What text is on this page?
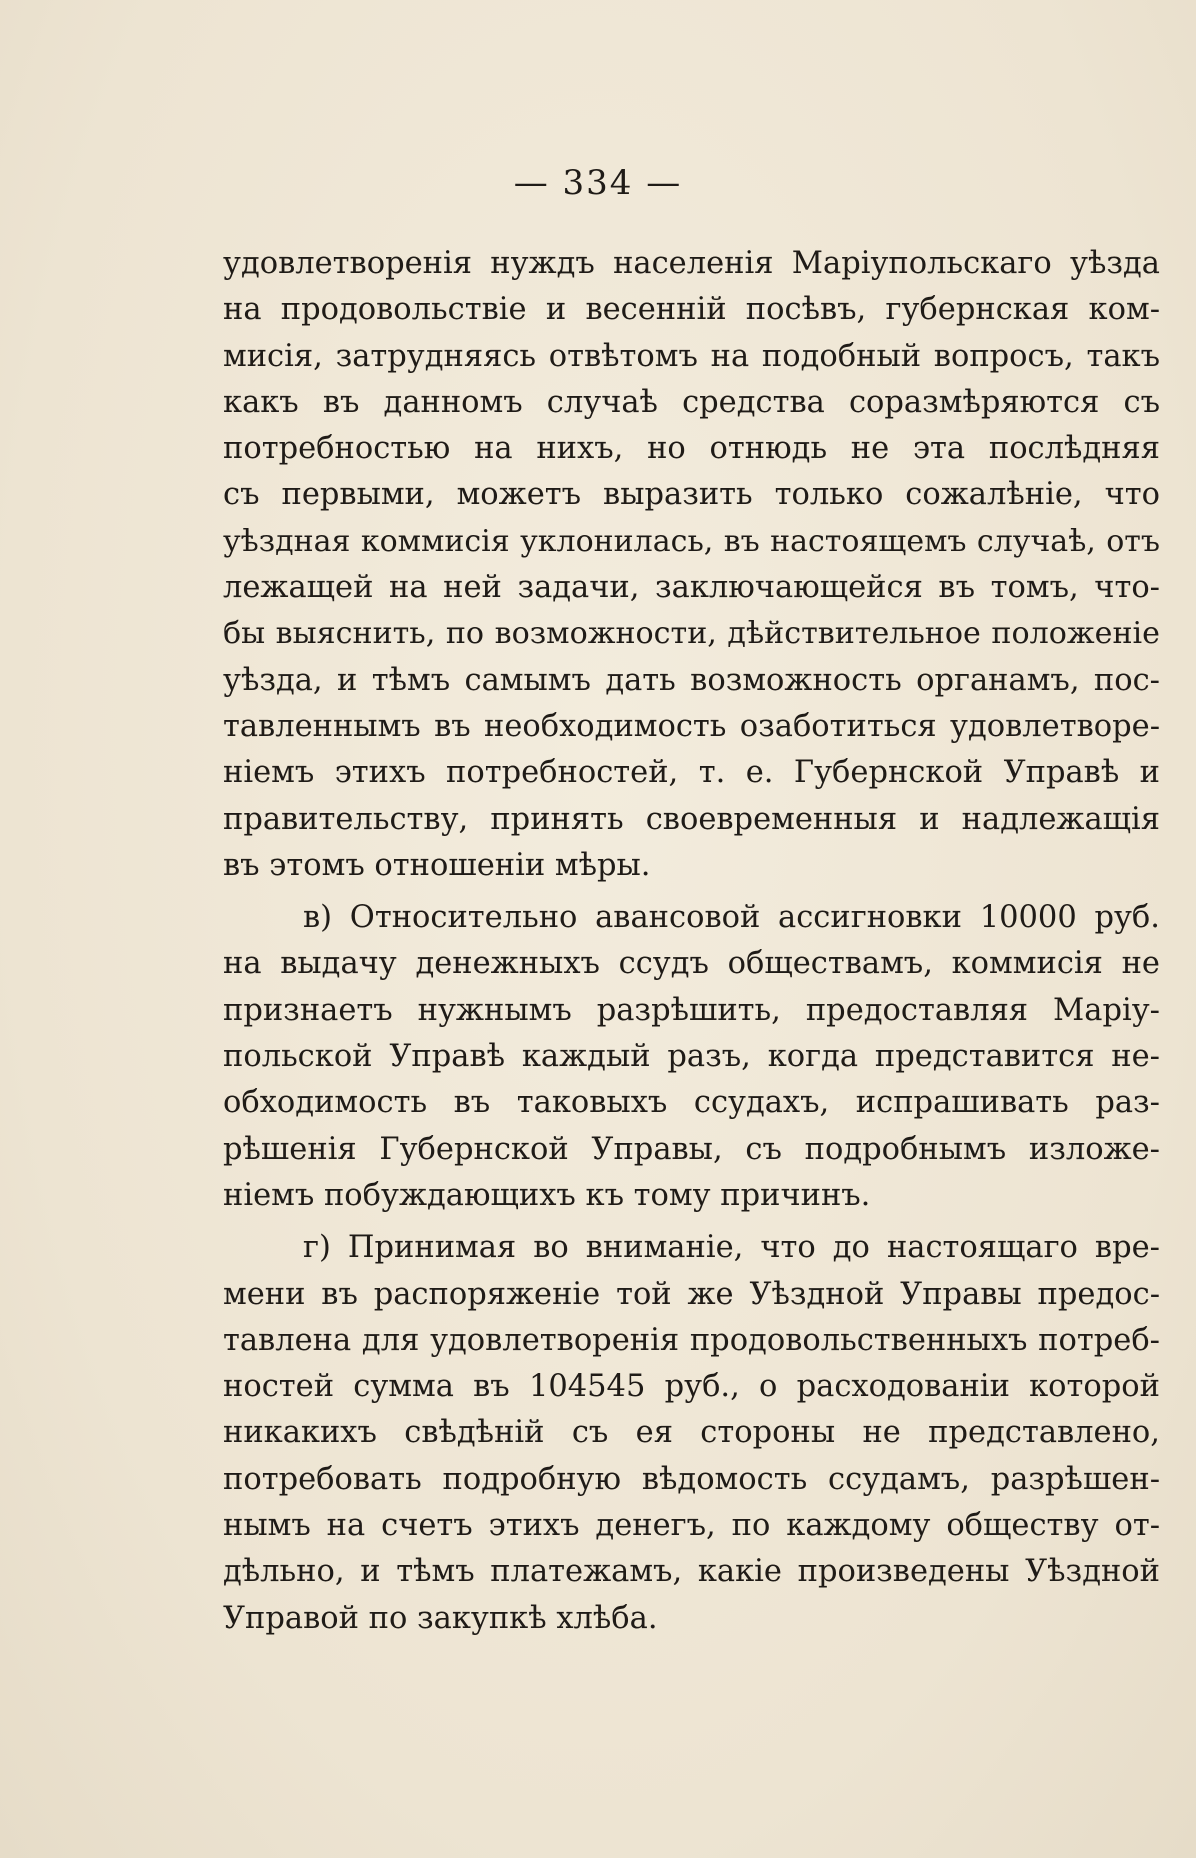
— 334 —
удовлетворенія нуждъ населенія Маріупольскаго уѣзда
на продовольствіе и весенній посѣвъ, губернская ком-
мисія, затрудняясь отвѣтомъ на подобный вопросъ, такъ
какъ въ данномъ случаѣ средства соразмѣряются съ
потребностью на нихъ, но отнюдь не эта послѣдняя
съ первыми, можетъ выразить только сожалѣніе, что
уѣздная коммисія уклонилась, въ настоящемъ случаѣ, отъ
лежащей на ней задачи, заключающейся въ томъ, что-
бы выяснить, по возможности, дѣйствительное положеніе
уѣзда, и тѣмъ самымъ дать возможность органамъ, пос-
тавленнымъ въ необходимость озаботиться удовлетворе-
ніемъ этихъ потребностей, т. е. Губернской Управѣ и
правительству, принять своевременныя и надлежащія
въ этомъ отношеніи мѣры.
в) Относительно авансовой ассигновки 10000 руб.
на выдачу денежныхъ ссудъ обществамъ, коммисія не
признаетъ нужнымъ разрѣшить, предоставляя Маріу-
польской Управѣ каждый разъ, когда представится не-
обходимость въ таковыхъ ссудахъ, испрашивать раз-
рѣшенія Губернской Управы, съ подробнымъ изложе-
ніемъ побуждающихъ къ тому причинъ.
г) Принимая во вниманіе, что до настоящаго вре-
мени въ распоряженіе той же Уѣздной Управы предос-
тавлена для удовлетворенія продовольственныхъ потреб-
ностей сумма въ 104545 руб., о расходованіи которой
никакихъ свѣдѣній съ ея стороны не представлено,
потребовать подробную вѣдомость ссудамъ, разрѣшен-
нымъ на счетъ этихъ денегъ, по каждому обществу от-
дѣльно, и тѣмъ платежамъ, какіе произведены Уѣздной
Управой по закупкѣ хлѣба.
